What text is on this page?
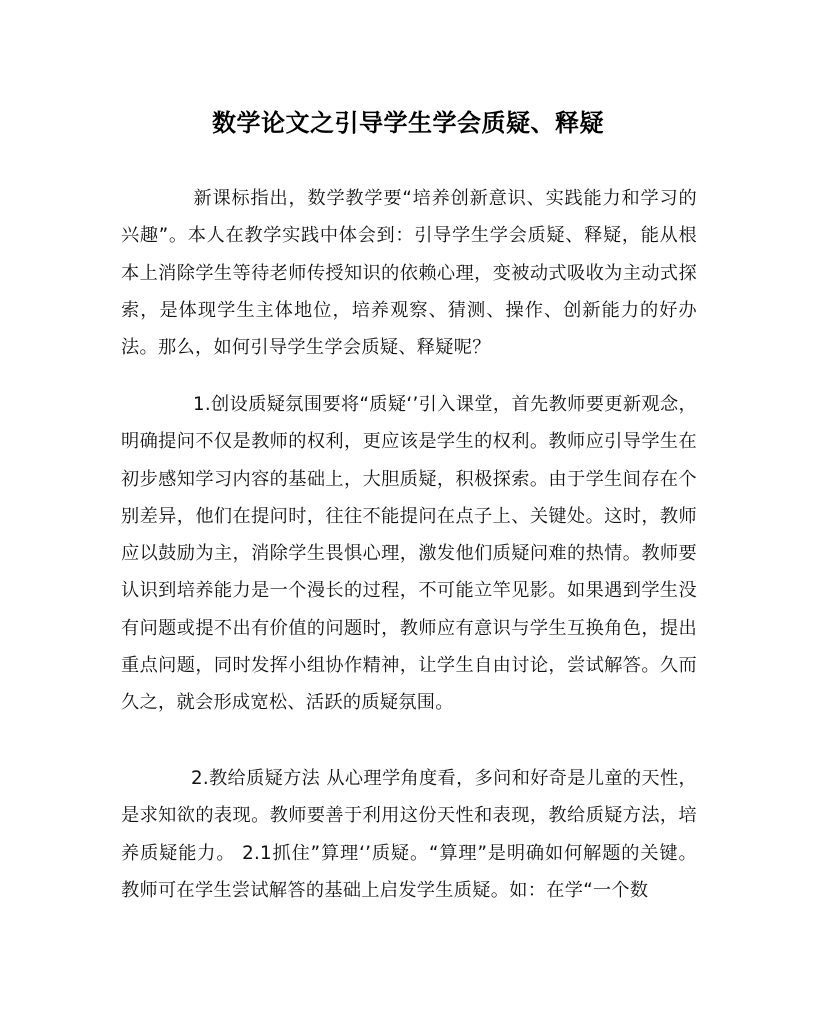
数学论文之引导学生学会质疑、释疑
新课标指出，数学教学要“培养创新意识、实践能力和学习的兴趣”。本人在教学实践中体会到：引导学生学会质疑、释疑，能从根本上消除学生等待老师传授知识的依赖心理，变被动式吸收为主动式探索，是体现学生主体地位，培养观察、猜测、操作、创新能力的好办法。那么，如何引导学生学会质疑、释疑呢？
1.创设质疑氛围要将“质疑‘’引入课堂，首先教师要更新观念，明确提问不仅是教师的权利，更应该是学生的权利。教师应引导学生在初步感知学习内容的基础上，大胆质疑，积极探索。由于学生间存在个别差异，他们在提问时，往往不能提问在点子上、关键处。这时，教师应以鼓励为主，消除学生畏惧心理，激发他们质疑问难的热情。教师要认识到培养能力是一个漫长的过程，不可能立竿见影。如果遇到学生没有问题或提不出有价值的问题时，教师应有意识与学生互换角色，提出重点问题，同时发挥小组协作精神，让学生自由讨论，尝试解答。久而久之，就会形成宽松、活跃的质疑氛围。
2.教给质疑方法 从心理学角度看，多问和好奇是儿童的天性，是求知欲的表现。教师要善于利用这份天性和表现，教给质疑方法，培养质疑能力。 2.1抓住”算理‘’质疑。“算理”是明确如何解题的关键。教师可在学生尝试解答的基础上启发学生质疑。如：在学“一个数
